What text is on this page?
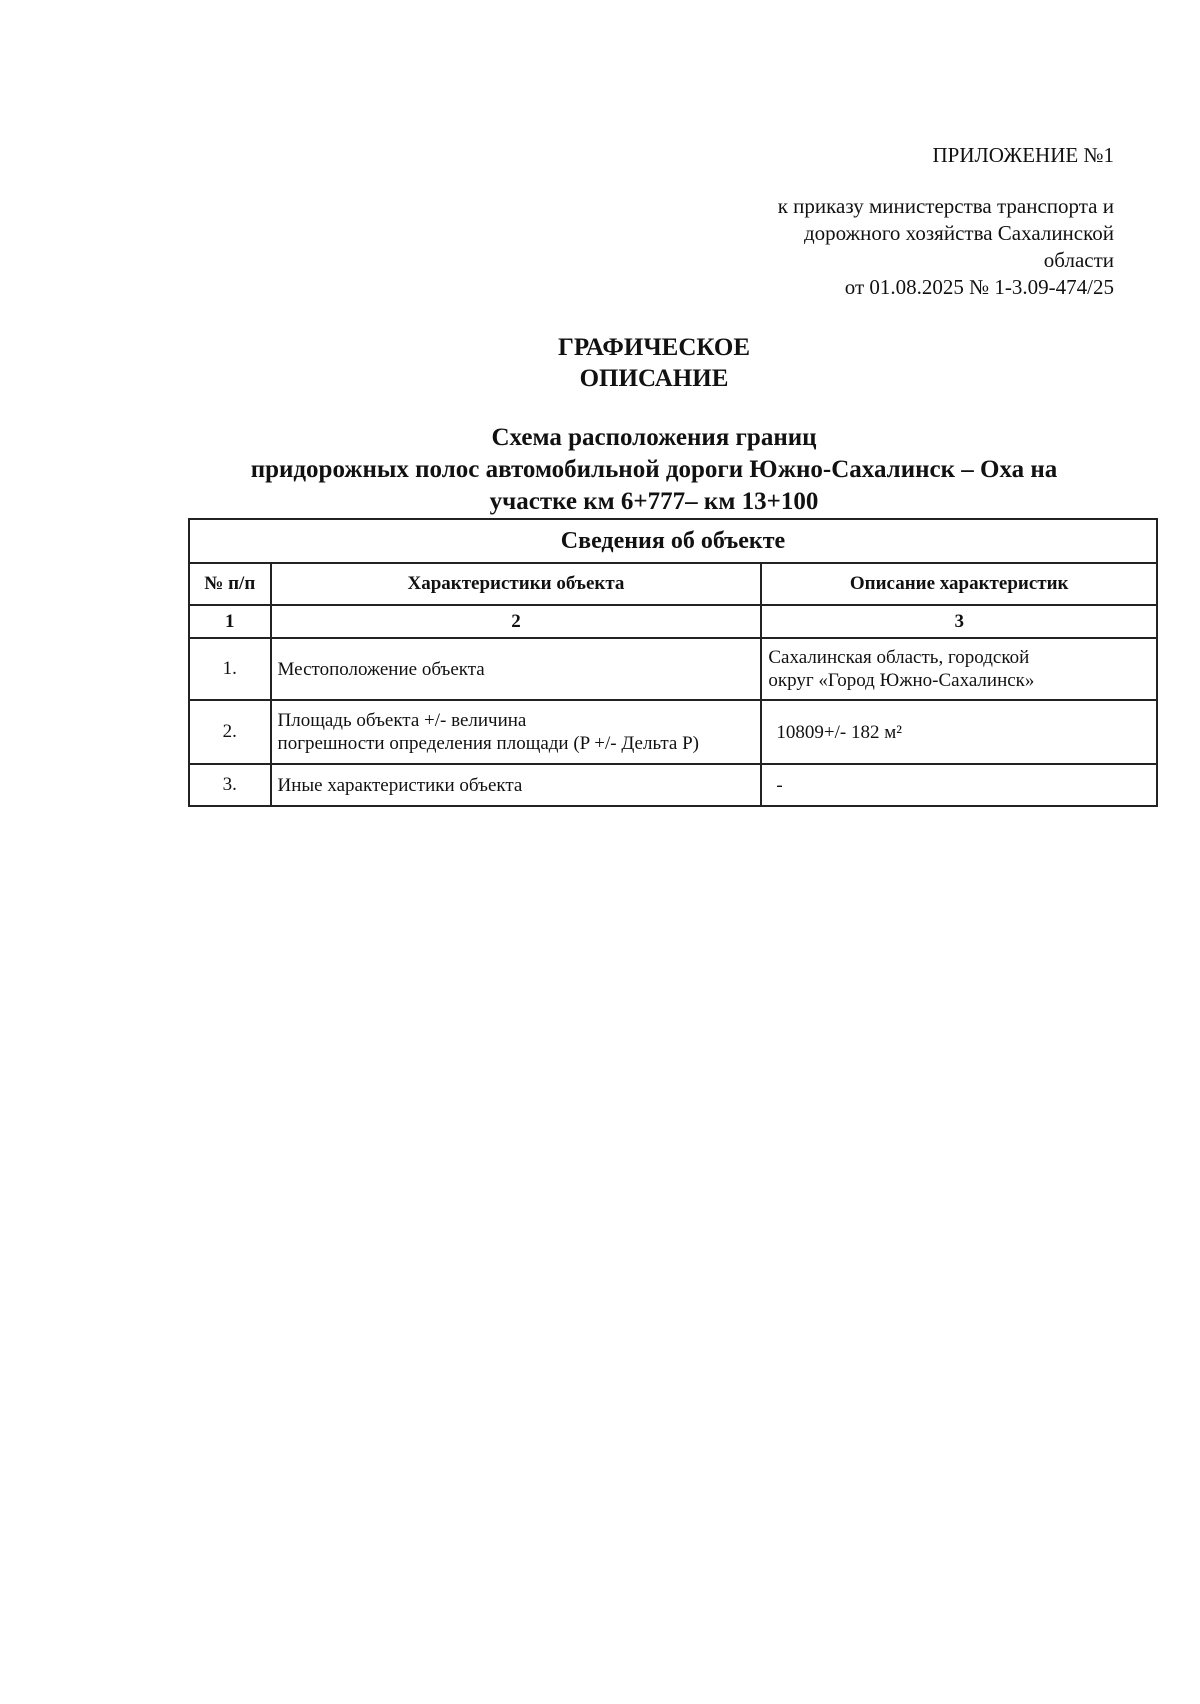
ПРИЛОЖЕНИЕ №1
к приказу министерства транспорта и
дорожного хозяйства Сахалинской
области
от 01.08.2025 № 1-3.09-474/25
ГРАФИЧЕСКОЕ
ОПИСАНИЕ
Схема расположения границ
придорожных полос автомобильной дороги Южно-Сахалинск – Оха на
участке км 6+777– км 13+100
Сведения об объекте		
№ п/п	Характеристики объекта	Описание характеристик
1	2	3
1.	Местоположение объекта	Сахалинская область, городской
округ «Город Южно-Сахалинск»

2.	Площадь объекта +/- величина
погрешности определения площади (P +/- Дельта P)	10809+/- 182 м²

3.	Иные характеристики объекта	-
